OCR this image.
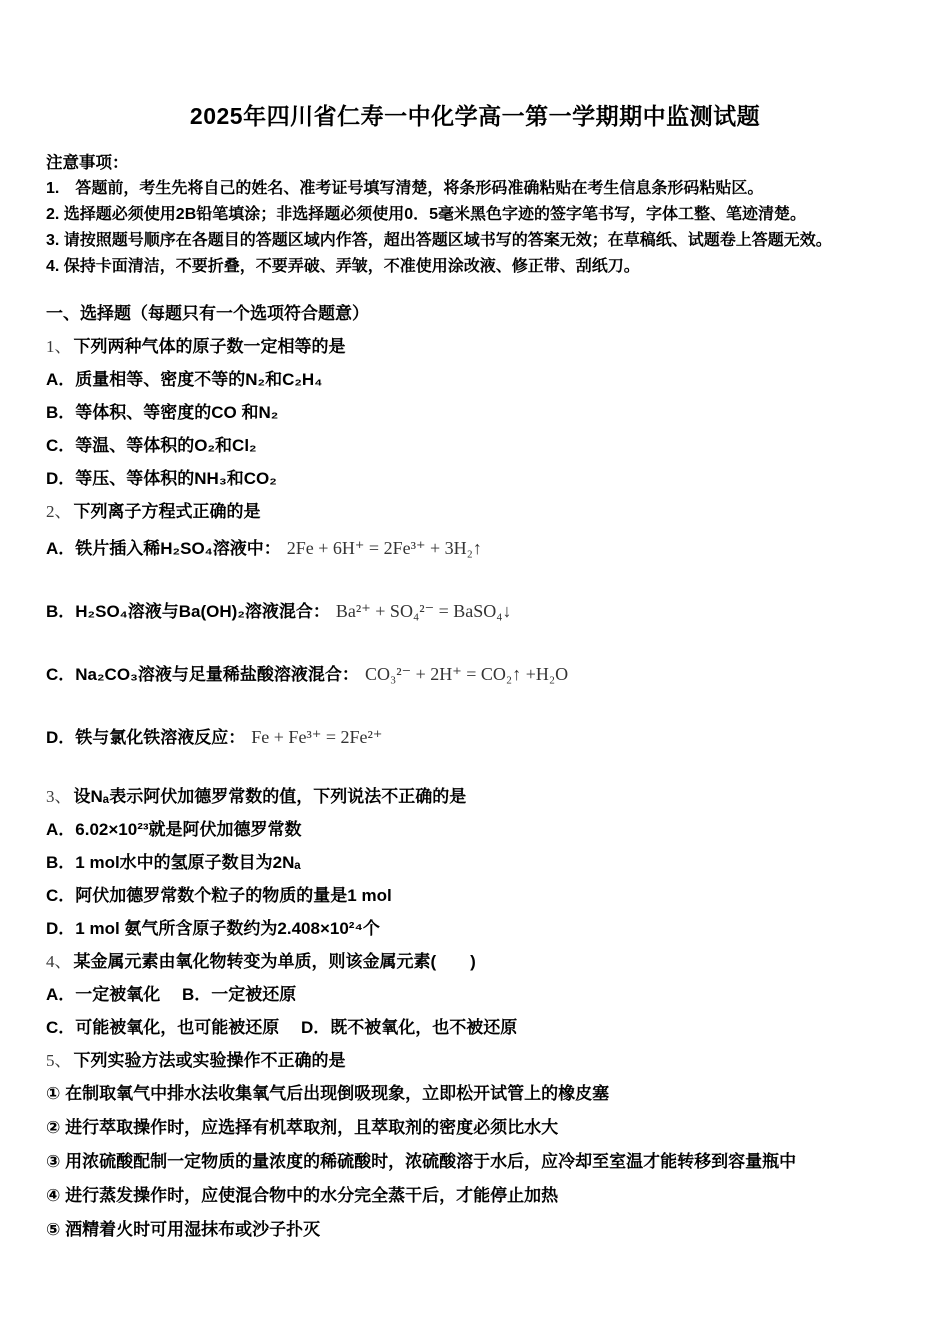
2025年四川省仁寿一中化学高一第一学期期中监测试题
注意事项：
1.　答题前，考生先将自己的姓名、准考证号填写清楚，将条形码准确粘贴在考生信息条形码粘贴区。
2. 选择题必须使用2B铅笔填涂；非选择题必须使用0．5毫米黑色字迹的签字笔书写，字体工整、笔迹清楚。
3. 请按照题号顺序在各题目的答题区域内作答，超出答题区域书写的答案无效；在草稿纸、试题卷上答题无效。
4. 保持卡面清洁，不要折叠，不要弄破、弄皱，不准使用涂改液、修正带、刮纸刀。
一、选择题（每题只有一个选项符合题意）
1、 下列两种气体的原子数一定相等的是
A．质量相等、密度不等的N₂和C₂H₄
B．等体积、等密度的CO 和N₂
C．等温、等体积的O₂和Cl₂
D．等压、等体积的NH₃和CO₂
2、 下列离子方程式正确的是
A．铁片插入稀H₂SO₄溶液中： 2Fe + 6H⁺ = 2Fe³⁺ + 3H₂↑
B．H₂SO₄溶液与Ba(OH)₂溶液混合： Ba²⁺ + SO₄²⁻ = BaSO₄↓
C．Na₂CO₃溶液与足量稀盐酸溶液混合： CO₃²⁻ + 2H⁺ = CO₂↑ +H₂O
D．铁与氯化铁溶液反应： Fe + Fe³⁺ = 2Fe²⁺
3、 设Nₐ表示阿伏加德罗常数的值，下列说法不正确的是
A．6.02×10²³就是阿伏加德罗常数
B．1 mol水中的氢原子数目为2Nₐ
C．阿伏加德罗常数个粒子的物质的量是1 mol
D．1 mol 氨气所含原子数约为2.408×10²⁴个
4、 某金属元素由氧化物转变为单质，则该金属元素(　　)
A．一定被氧化　 B．一定被还原
C．可能被氧化，也可能被还原　 D．既不被氧化，也不被还原
5、 下列实验方法或实验操作不正确的是
① 在制取氧气中排水法收集氧气后出现倒吸现象，立即松开试管上的橡皮塞
② 进行萃取操作时，应选择有机萃取剂，且萃取剂的密度必须比水大
③ 用浓硫酸配制一定物质的量浓度的稀硫酸时，浓硫酸溶于水后，应冷却至室温才能转移到容量瓶中
④ 进行蒸发操作时，应使混合物中的水分完全蒸干后，才能停止加热
⑤ 酒精着火时可用湿抹布或沙子扑灭
